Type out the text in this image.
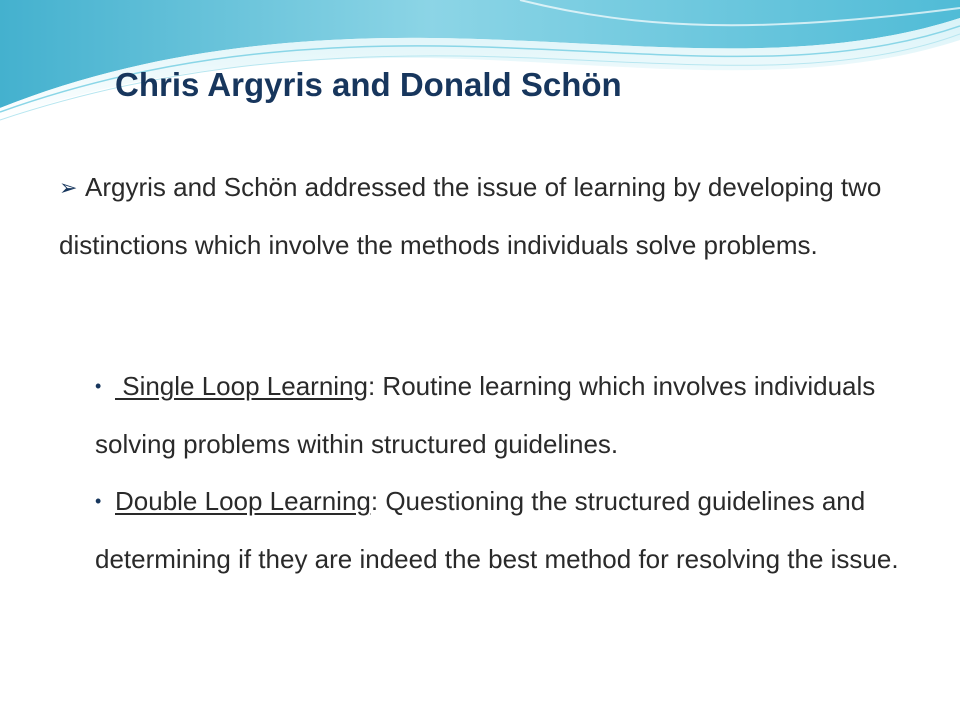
Chris Argyris and Donald Schön

➢ Argyris and Schön addressed the issue of learning by developing two distinctions which involve the methods individuals solve problems.

• Single Loop Learning: Routine learning which involves individuals solving problems within structured guidelines.
• Double Loop Learning: Questioning the structured guidelines and determining if they are indeed the best method for resolving the issue.
